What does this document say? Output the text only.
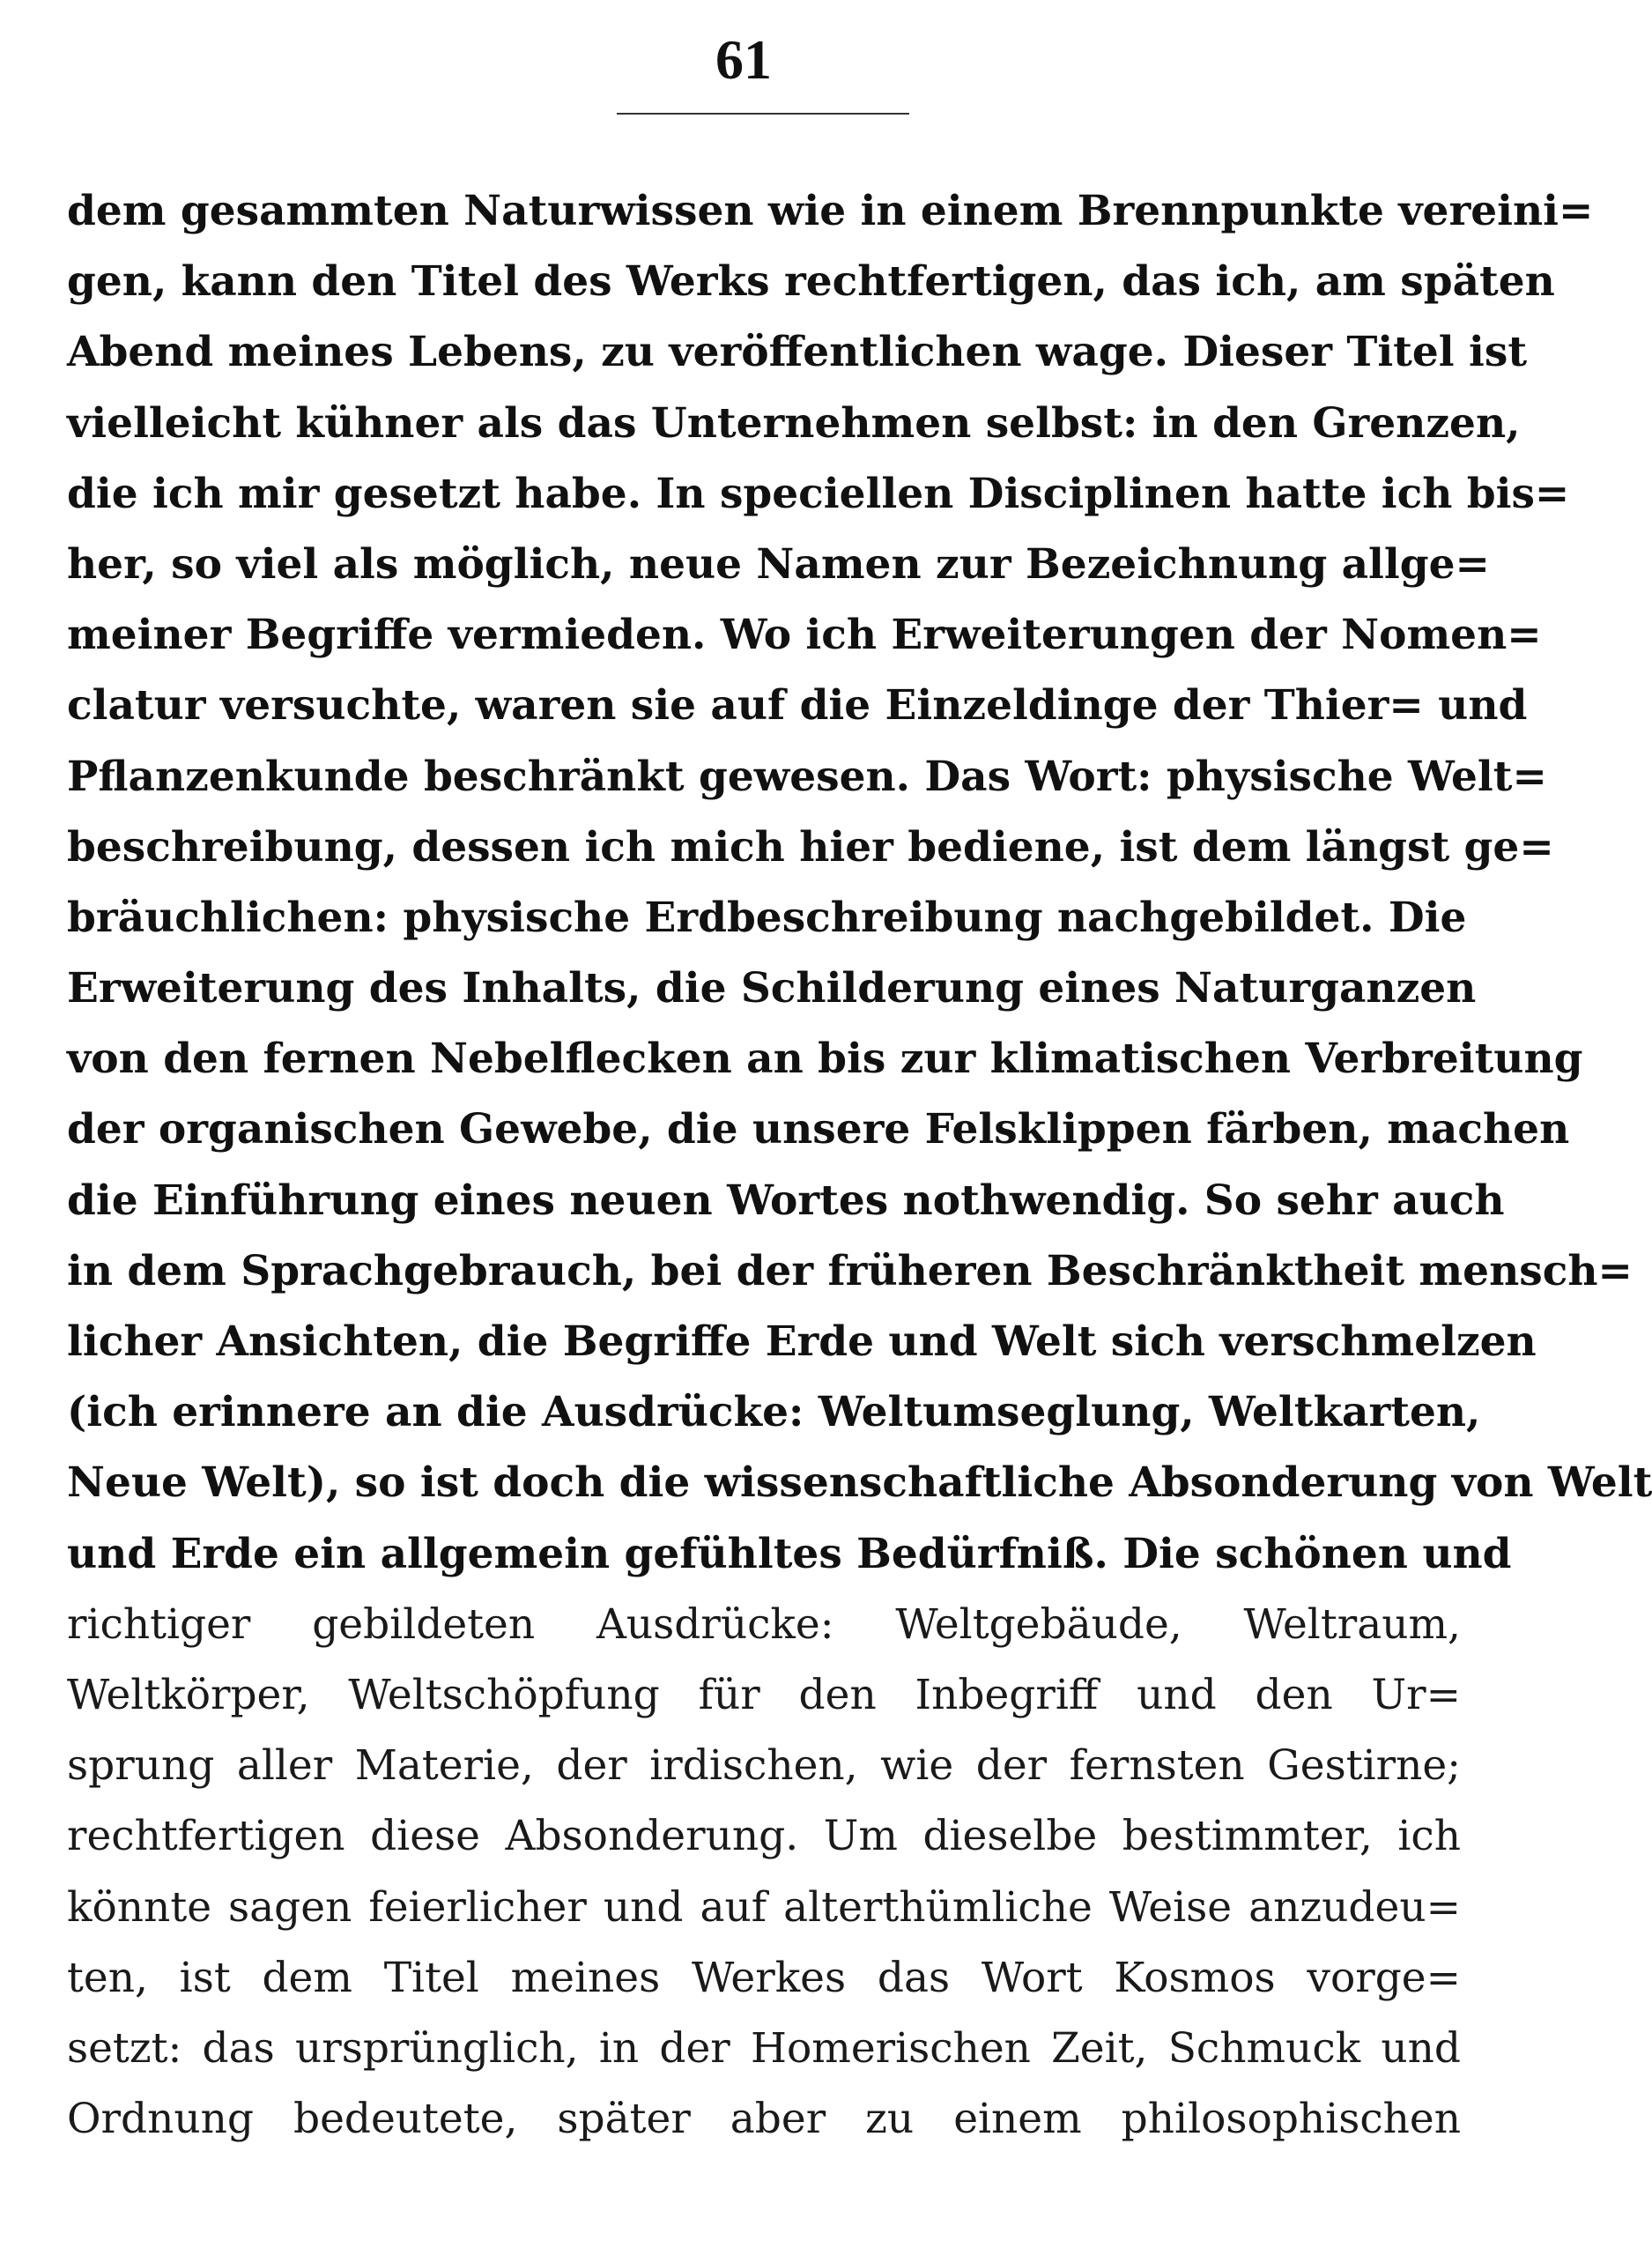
61
dem gesammten Naturwissen wie in einem Brennpunkte vereini=
gen, kann den Titel des Werks rechtfertigen, das ich, am späten
Abend meines Lebens, zu veröffentlichen wage. Dieser Titel ist
vielleicht kühner als das Unternehmen selbst: in den Grenzen,
die ich mir gesetzt habe. In speciellen Disciplinen hatte ich bis=
her, so viel als möglich, neue Namen zur Bezeichnung allge=
meiner Begriffe vermieden. Wo ich Erweiterungen der Nomen=
clatur versuchte, waren sie auf die Einzeldinge der Thier= und
Pflanzenkunde beschränkt gewesen. Das Wort: physische Welt=
beschreibung, dessen ich mich hier bediene, ist dem längst ge=
bräuchlichen: physische Erdbeschreibung nachgebildet. Die
Erweiterung des Inhalts, die Schilderung eines Naturganzen
von den fernen Nebelflecken an bis zur klimatischen Verbreitung
der organischen Gewebe, die unsere Felsklippen färben, machen
die Einführung eines neuen Wortes nothwendig. So sehr auch
in dem Sprachgebrauch, bei der früheren Beschränktheit mensch=
licher Ansichten, die Begriffe Erde und Welt sich verschmelzen
(ich erinnere an die Ausdrücke: Weltumseglung, Weltkarten,
Neue Welt), so ist doch die wissenschaftliche Absonderung von Welt
und Erde ein allgemein gefühltes Bedürfniß. Die schönen und
richtiger gebildeten Ausdrücke: Weltgebäude, Weltraum,
Weltkörper, Weltschöpfung für den Inbegriff und den Ur=
sprung aller Materie, der irdischen, wie der fernsten Gestirne;
rechtfertigen diese Absonderung. Um dieselbe bestimmter, ich
könnte sagen feierlicher und auf alterthümliche Weise anzudeu=
ten, ist dem Titel meines Werkes das Wort Kosmos vorge=
setzt: das ursprünglich, in der Homerischen Zeit, Schmuck und
Ordnung bedeutete, später aber zu einem philosophischen
